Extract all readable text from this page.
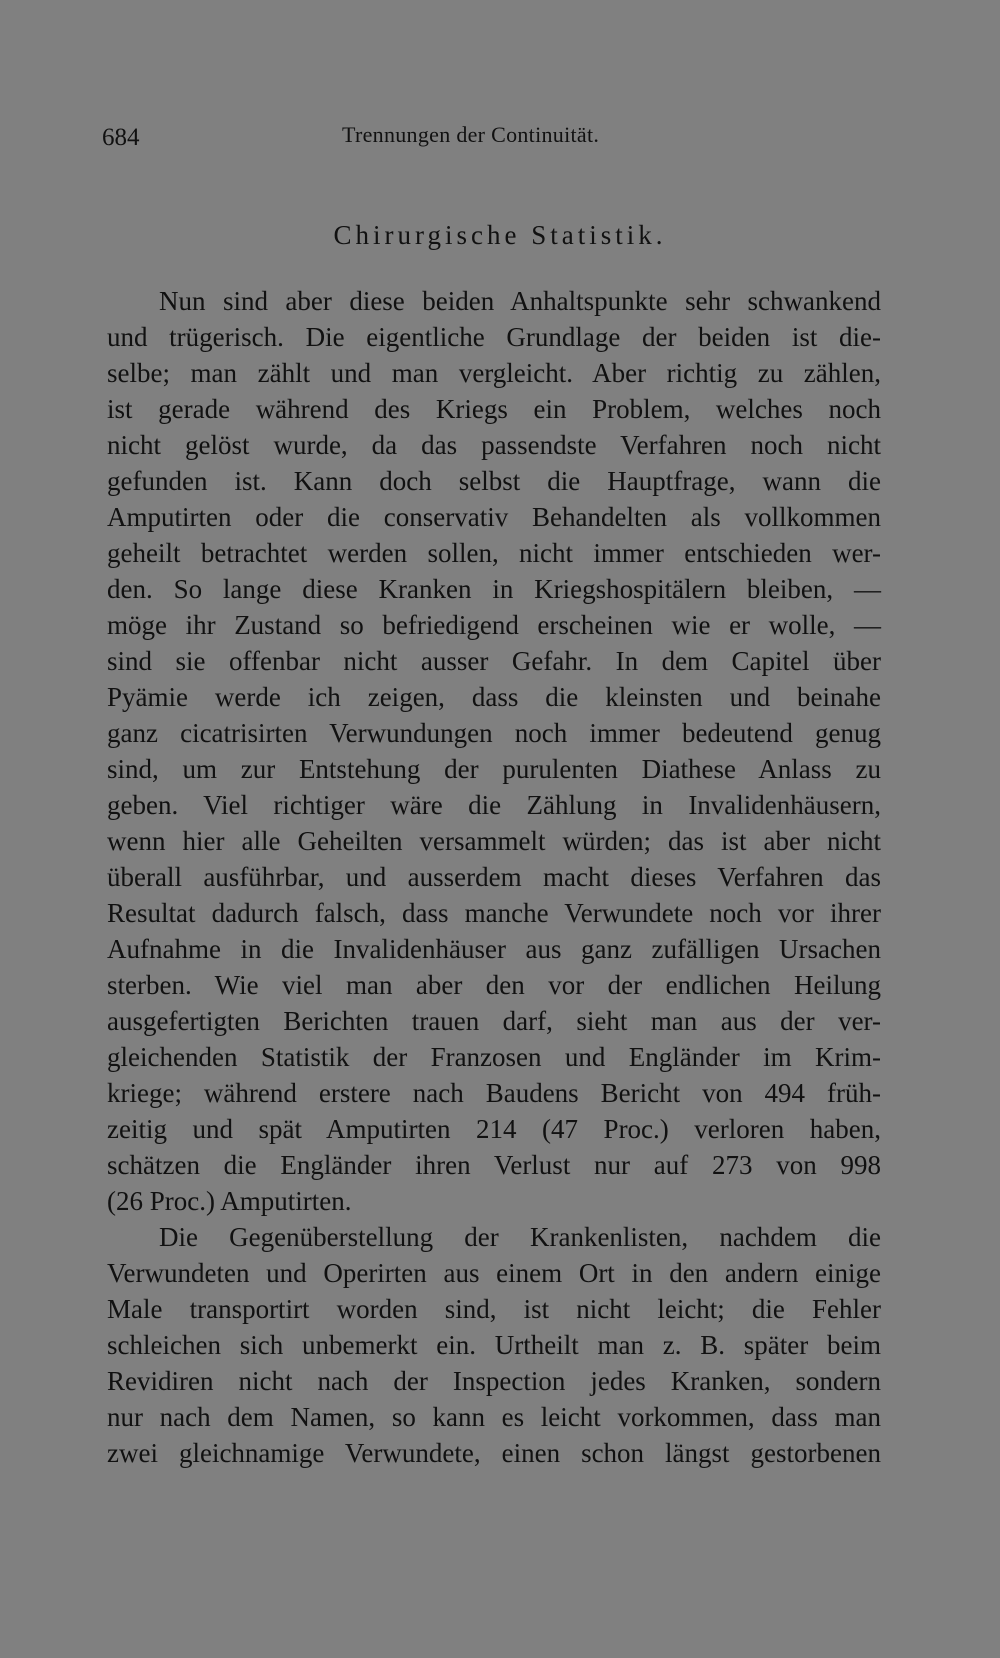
684	Trennungen der Continuität.
Chirurgische Statistik.
Nun sind aber diese beiden Anhaltspunkte sehr schwankend
und trügerisch. Die eigentliche Grundlage der beiden ist die-
selbe; man zählt und man vergleicht. Aber richtig zu zählen,
ist gerade während des Kriegs ein Problem, welches noch
nicht gelöst wurde, da das passendste Verfahren noch nicht
gefunden ist. Kann doch selbst die Hauptfrage, wann die
Amputirten oder die conservativ Behandelten als vollkommen
geheilt betrachtet werden sollen, nicht immer entschieden wer-
den. So lange diese Kranken in Kriegshospitälern bleiben, —
möge ihr Zustand so befriedigend erscheinen wie er wolle, —
sind sie offenbar nicht ausser Gefahr. In dem Capitel über
Pyämie werde ich zeigen, dass die kleinsten und beinahe
ganz cicatrisirten Verwundungen noch immer bedeutend genug
sind, um zur Entstehung der purulenten Diathese Anlass zu
geben. Viel richtiger wäre die Zählung in Invalidenhäusern,
wenn hier alle Geheilten versammelt würden; das ist aber nicht
überall ausführbar, und ausserdem macht dieses Verfahren das
Resultat dadurch falsch, dass manche Verwundete noch vor ihrer
Aufnahme in die Invalidenhäuser aus ganz zufälligen Ursachen
sterben. Wie viel man aber den vor der endlichen Heilung
ausgefertigten Berichten trauen darf, sieht man aus der ver-
gleichenden Statistik der Franzosen und Engländer im Krim-
kriege; während erstere nach Baudens Bericht von 494 früh-
zeitig und spät Amputirten 214 (47 Proc.) verloren haben,
schätzen die Engländer ihren Verlust nur auf 273 von 998
(26 Proc.) Amputirten.
Die Gegenüberstellung der Krankenlisten, nachdem die
Verwundeten und Operirten aus einem Ort in den andern einige
Male transportirt worden sind, ist nicht leicht; die Fehler
schleichen sich unbemerkt ein. Urtheilt man z. B. später beim
Revidiren nicht nach der Inspection jedes Kranken, sondern
nur nach dem Namen, so kann es leicht vorkommen, dass man
zwei gleichnamige Verwundete, einen schon längst gestorbenen
